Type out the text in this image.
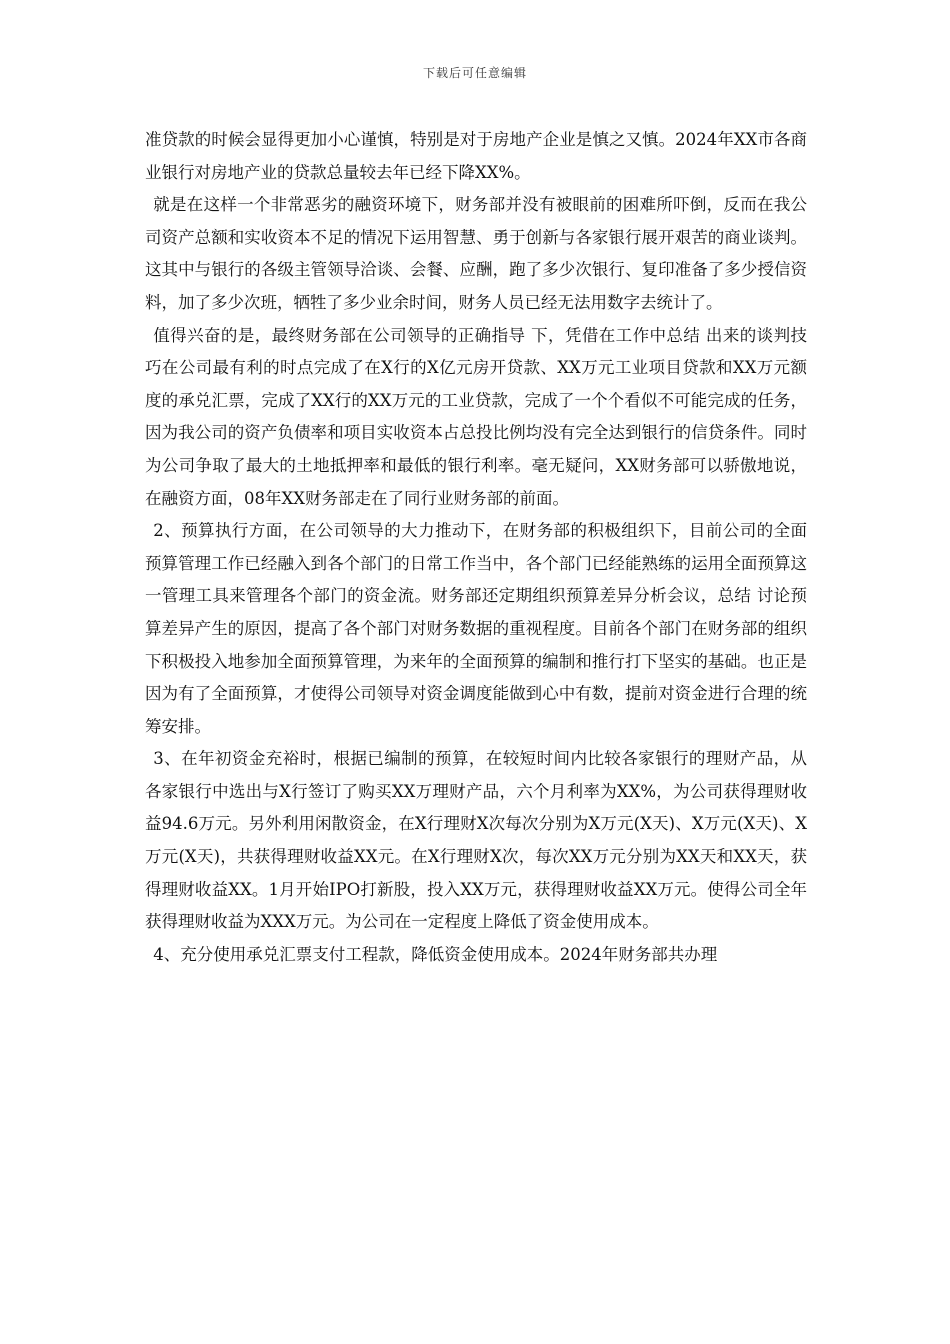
下载后可任意编辑

准贷款的时候会显得更加小心谨慎，特别是对于房地产企业是慎之又慎。2024年XX市各商业银行对房地产业的贷款总量较去年已经下降XX%。

就是在这样一个非常恶劣的融资环境下，财务部并没有被眼前的困难所吓倒，反而在我公司资产总额和实收资本不足的情况下运用智慧、勇于创新与各家银行展开艰苦的商业谈判。这其中与银行的各级主管领导洽谈、会餐、应酬，跑了多少次银行、复印准备了多少授信资料，加了多少次班，牺牲了多少业余时间，财务人员已经无法用数字去统计了。

值得兴奋的是，最终财务部在公司领导的正确指导 下，凭借在工作中总结 出来的谈判技巧在公司最有利的时点完成了在X行的X亿元房开贷款、XX万元工业项目贷款和XX万元额度的承兑汇票，完成了XX行的XX万元的工业贷款，完成了一个个看似不可能完成的任务，因为我公司的资产负债率和项目实收资本占总投比例均没有完全达到银行的信贷条件。同时为公司争取了最大的土地抵押率和最低的银行利率。毫无疑问，XX财务部可以骄傲地说，在融资方面，08年XX财务部走在了同行业财务部的前面。

2、预算执行方面，在公司领导的大力推动下，在财务部的积极组织下，目前公司的全面预算管理工作已经融入到各个部门的日常工作当中，各个部门已经能熟练的运用全面预算这一管理工具来管理各个部门的资金流。财务部还定期组织预算差异分析会议，总结 讨论预算差异产生的原因，提高了各个部门对财务数据的重视程度。目前各个部门在财务部的组织下积极投入地参加全面预算管理，为来年的全面预算的编制和推行打下坚实的基础。也正是因为有了全面预算，才使得公司领导对资金调度能做到心中有数，提前对资金进行合理的统筹安排。

3、在年初资金充裕时，根据已编制的预算，在较短时间内比较各家银行的理财产品，从各家银行中选出与X行签订了购买XX万理财产品，六个月利率为XX%，为公司获得理财收益94.6万元。另外利用闲散资金，在X行理财X次每次分别为X万元(X天)、X万元(X天)、X万元(X天)，共获得理财收益XX元。在X行理财X次，每次XX万元分别为XX天和XX天，获得理财收益XX。1月开始IPO打新股，投入XX万元，获得理财收益XX万元。使得公司全年获得理财收益为XXX万元。为公司在一定程度上降低了资金使用成本。

4、充分使用承兑汇票支付工程款，降低资金使用成本。2024年财务部共办理
